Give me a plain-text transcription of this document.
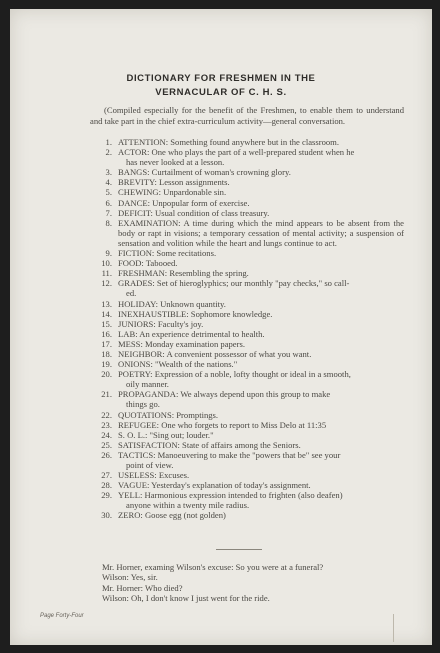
DICTIONARY FOR FRESHMEN IN THE
VERNACULAR OF C. H. S.
(Compiled especially for the benefit of the Freshmen, to enable them to understand and take part in the chief extra-curriculum activity—general conversation.
1. ATTENTION: Something found anywhere but in the classroom.
2. ACTOR: One who plays the part of a well-prepared student when he
has never looked at a lesson.
3. BANGS: Curtailment of woman's crowning glory.
4. BREVITY: Lesson assignments.
5. CHEWING: Unpardonable sin.
6. DANCE: Unpopular form of exercise.
7. DEFICIT: Usual condition of class treasury.
8. EXAMINATION: A time during which the mind appears to be absent from the body or rapt in visions; a temporary cessation of mental activity; a suspension of sensation and volition while the heart and lungs continue to act.
9. FICTION: Some recitations.
10. FOOD: Tabooed.
11. FRESHMAN: Resembling the spring.
12. GRADES: Set of hieroglyphics; our monthly "pay checks," so call-
ed.
13. HOLIDAY: Unknown quantity.
14. INEXHAUSTIBLE: Sophomore knowledge.
15. JUNIORS: Faculty's joy.
16. LAB: An experience detrimental to health.
17. MESS: Monday examination papers.
18. NEIGHBOR: A convenient possessor of what you want.
19. ONIONS: "Wealth of the nations."
20. POETRY: Expression of a noble, lofty thought or ideal in a smooth,
oily manner.
21. PROPAGANDA: We always depend upon this group to make
things go.
22. QUOTATIONS: Promptings.
23. REFUGEE: One who forgets to report to Miss Delo at 11:35
24. S. O. L.: "Sing out; louder."
25. SATISFACTION: State of affairs among the Seniors.
26. TACTICS: Manoeuvering to make the "powers that be" see your
point of view.
27. USELESS: Excuses.
28. VAGUE: Yesterday's explanation of today's assignment.
29. YELL: Harmonious expression intended to frighten (also deafen)
anyone within a twenty mile radius.
30. ZERO: Goose egg (not golden)
Mr. Horner, examing Wilson's excuse: So you were at a funeral?
Wilson: Yes, sir.
Mr. Horner: Who died?
Wilson: Oh, I don't know I just went for the ride.
Page Forty-Four
